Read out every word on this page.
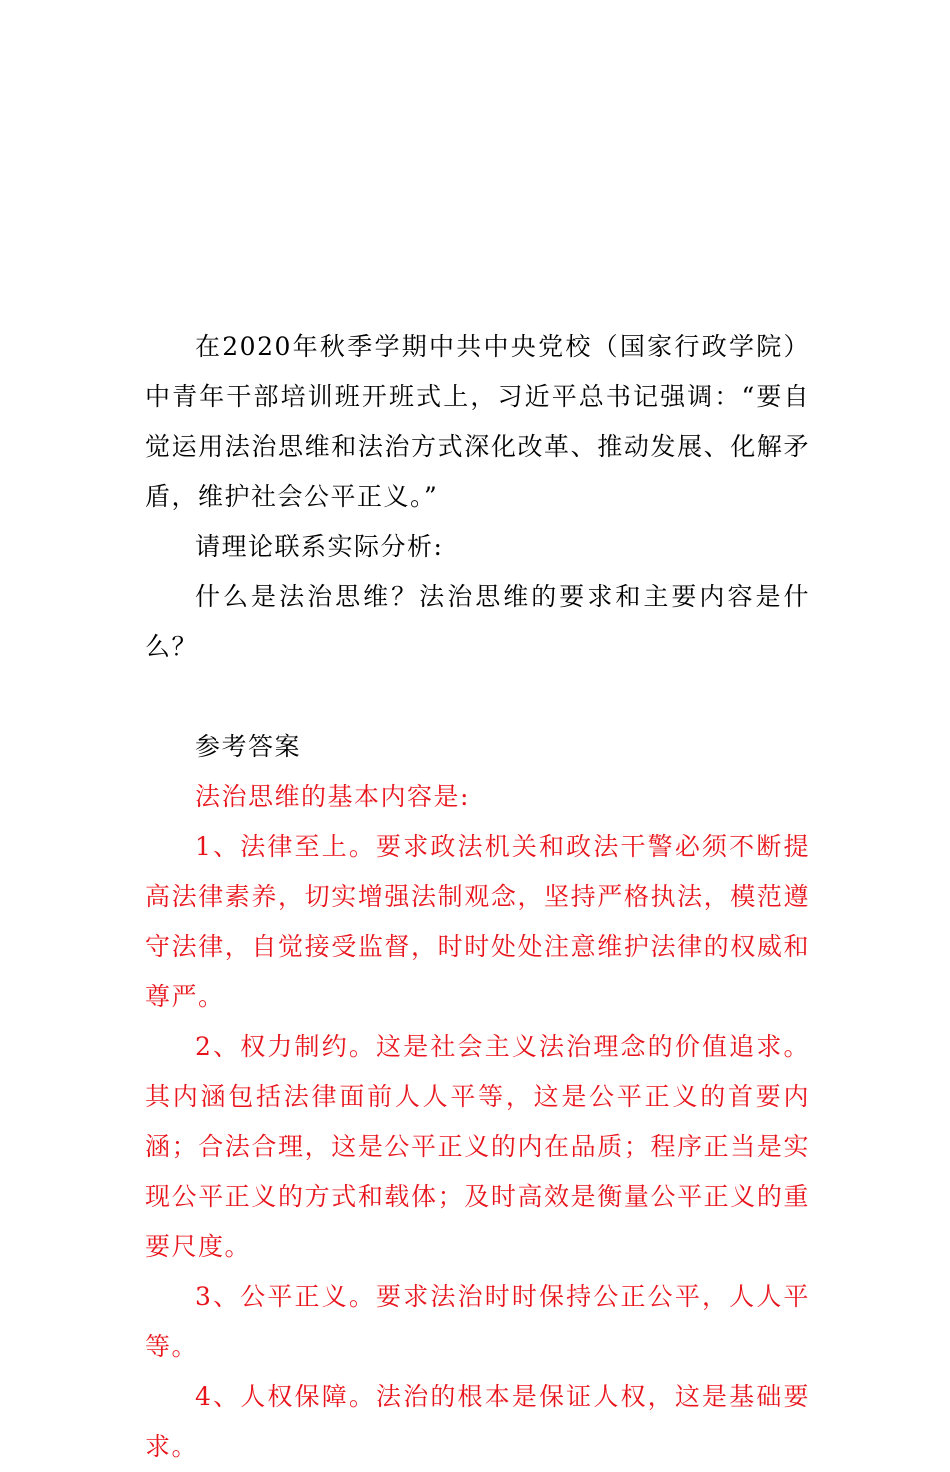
在2020年秋季学期中共中央党校（国家行政学院）中青年干部培训班开班式上，习近平总书记强调：“要自觉运用法治思维和法治方式深化改革、推动发展、化解矛盾，维护社会公平正义。”

请理论联系实际分析:

什么是法治思维？法治思维的要求和主要内容是什么？

参考答案

法治思维的基本内容是:

1、法律至上。要求政法机关和政法干警必须不断提高法律素养，切实增强法制观念，坚持严格执法，模范遵守法律，自觉接受监督，时时处处注意维护法律的权威和尊严。

2、权力制约。这是社会主义法治理念的价值追求。其内涵包括法律面前人人平等，这是公平正义的首要内涵；合法合理，这是公平正义的内在品质；程序正当是实现公平正义的方式和载体；及时高效是衡量公平正义的重要尺度。

3、公平正义。要求法治时时保持公正公平，人人平等。

4、人权保障。法治的根本是保证人权，这是基础要求。
